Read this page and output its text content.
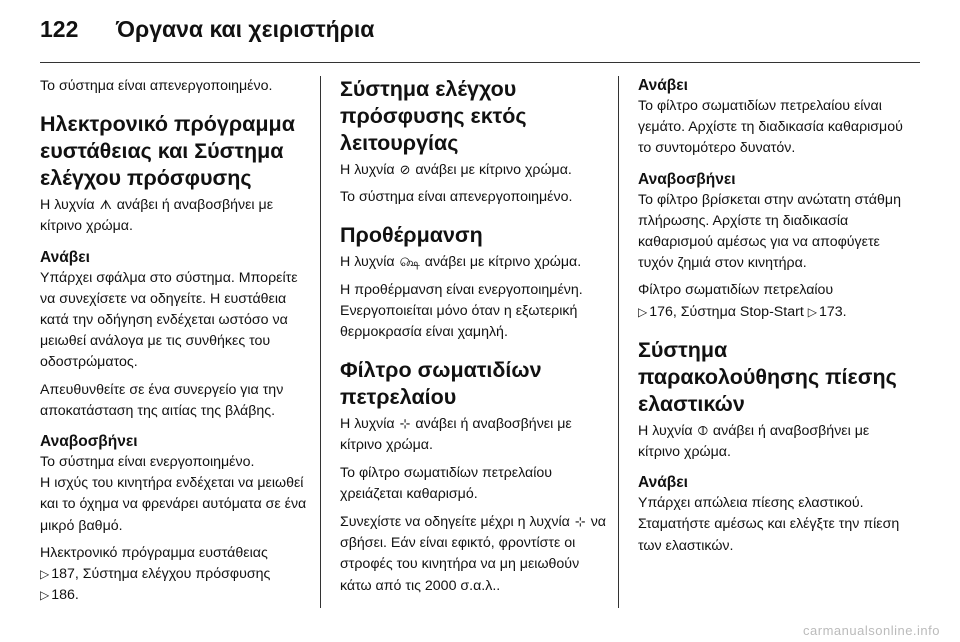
122 Όργανα και χειριστήρια

Το σύστημα είναι απενεργοποιημένο.

Ηλεκτρονικό πρόγραμμα ευστάθειας και Σύστημα ελέγχου πρόσφυσης

Η λυχνία ᗑ ανάβει ή αναβοσβήνει με κίτρινο χρώμα.

Ανάβει

Υπάρχει σφάλμα στο σύστημα. Μπορείτε να συνεχίσετε να οδηγείτε. Η ευστάθεια κατά την οδήγηση ενδέχεται ωστόσο να μειωθεί ανάλογα με τις συνθήκες του οδοστρώματος.

Απευθυνθείτε σε ένα συνεργείο για την αποκατάσταση της αιτίας της βλάβης.

Αναβοσβήνει

Το σύστημα είναι ενεργοποιημένο.
Η ισχύς του κινητήρα ενδέχεται να μειωθεί και το όχημα να φρενάρει αυτόματα σε ένα μικρό βαθμό.

Ηλεκτρονικό πρόγραμμα ευστάθειας
▷ 187, Σύστημα ελέγχου πρόσφυσης
▷ 186.

Σύστημα ελέγχου πρόσφυσης εκτός λειτουργίας

Η λυχνία ⊘ ανάβει με κίτρινο χρώμα.

Το σύστημα είναι απενεργοποιημένο.

Προθέρμανση

Η λυχνία ௸ ανάβει με κίτρινο χρώμα.

Η προθέρμανση είναι ενεργοποιημένη. Ενεργοποιείται μόνο όταν η εξωτερική θερμοκρασία είναι χαμηλή.

Φίλτρο σωματιδίων πετρελαίου

Η λυχνία ⊹ ανάβει ή αναβοσβήνει με κίτρινο χρώμα.

Το φίλτρο σωματιδίων πετρελαίου χρειάζεται καθαρισμό.

Συνεχίστε να οδηγείτε μέχρι η λυχνία ⊹ να σβήσει. Εάν είναι εφικτό, φροντίστε οι στροφές του κινητήρα να μη μειωθούν κάτω από τις 2000 σ.α.λ..

Ανάβει

Το φίλτρο σωματιδίων πετρελαίου είναι γεμάτο. Αρχίστε τη διαδικασία καθαρισμού το συντομότερο δυνατόν.

Αναβοσβήνει

Το φίλτρο βρίσκεται στην ανώτατη στάθμη πλήρωσης. Αρχίστε τη διαδικασία καθαρισμού αμέσως για να αποφύγετε τυχόν ζημιά στον κινητήρα.

Φίλτρο σωματιδίων πετρελαίου
▷ 176, Σύστημα Stop-Start ▷ 173.

Σύστημα παρακολούθησης πίεσης ελαστικών

Η λυχνία ⦷ ανάβει ή αναβοσβήνει με κίτρινο χρώμα.

Ανάβει

Υπάρχει απώλεια πίεσης ελαστικού. Σταματήστε αμέσως και ελέγξτε την πίεση των ελαστικών.

carmanualsonline.info
